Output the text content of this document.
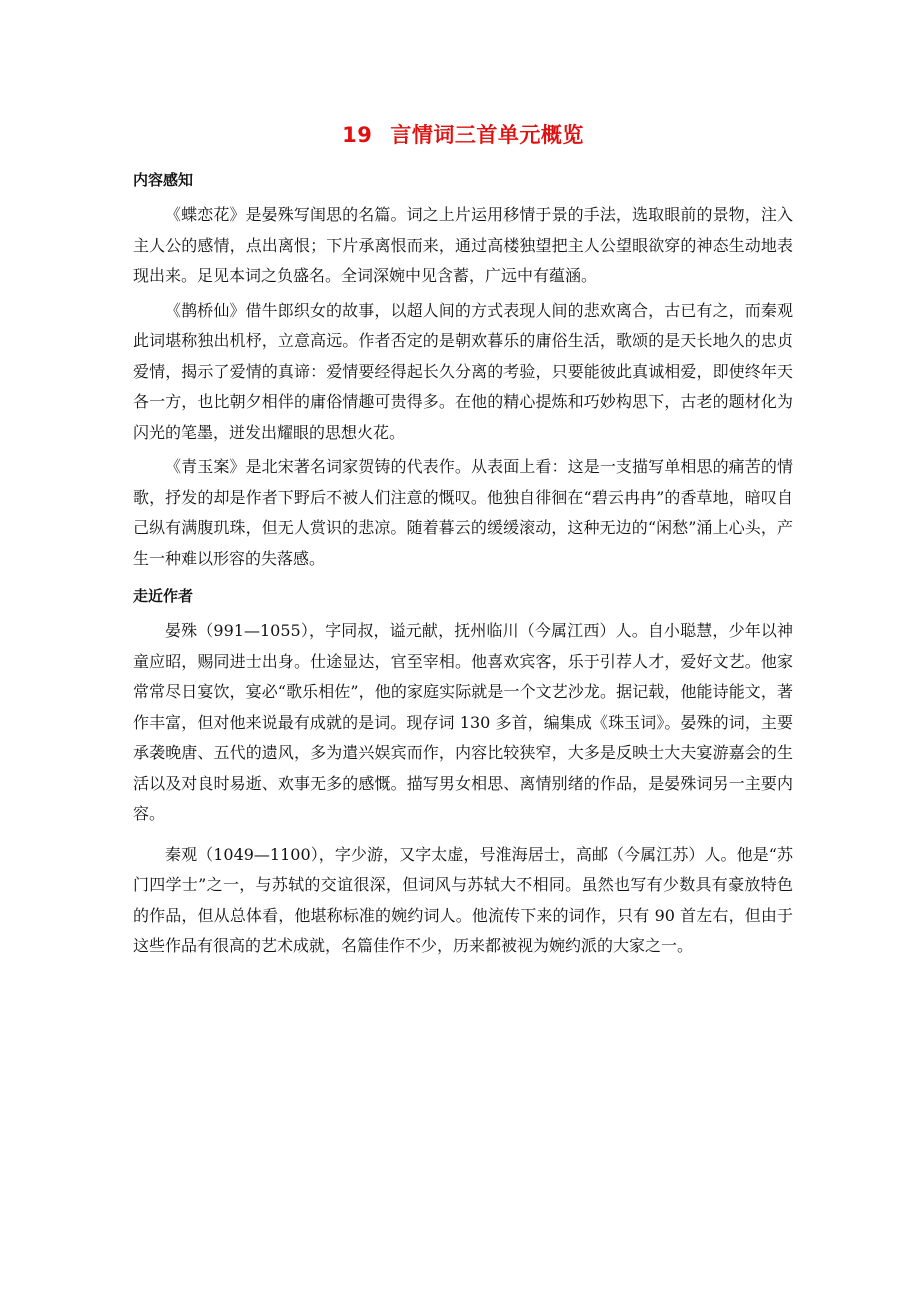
19 言情词三首单元概览
内容感知

《蝶恋花》是晏殊写闺思的名篇。词之上片运用移情于景的手法，选取眼前的景物，注入主人公的感情，点出离恨；下片承离恨而来，通过高楼独望把主人公望眼欲穿的神态生动地表现出来。足见本词之负盛名。全词深婉中见含蓄，广远中有蕴涵。

《鹊桥仙》借牛郎织女的故事，以超人间的方式表现人间的悲欢离合，古已有之，而秦观此词堪称独出机杼，立意高远。作者否定的是朝欢暮乐的庸俗生活，歌颂的是天长地久的忠贞爱情，揭示了爱情的真谛：爱情要经得起长久分离的考验，只要能彼此真诚相爱，即使终年天各一方，也比朝夕相伴的庸俗情趣可贵得多。在他的精心提炼和巧妙构思下，古老的题材化为闪光的笔墨，迸发出耀眼的思想火花。

《青玉案》是北宋著名词家贺铸的代表作。从表面上看：这是一支描写单相思的痛苦的情歌，抒发的却是作者下野后不被人们注意的慨叹。他独自徘徊在“碧云冉冉”的香草地，暗叹自己纵有满腹玑珠，但无人赏识的悲凉。随着暮云的缓缓滚动，这种无边的“闲愁”涌上心头，产生一种难以形容的失落感。

走近作者

晏殊（991—1055），字同叔，谥元献，抚州临川（今属江西）人。自小聪慧，少年以神童应昭，赐同进士出身。仕途显达，官至宰相。他喜欢宾客，乐于引荐人才，爱好文艺。他家常常尽日宴饮，宴必“歌乐相佐”，他的家庭实际就是一个文艺沙龙。据记载，他能诗能文，著作丰富，但对他来说最有成就的是词。现存词 130 多首，编集成《珠玉词》。晏殊的词，主要承袭晚唐、五代的遗风，多为遣兴娱宾而作，内容比较狭窄，大多是反映士大夫宴游嘉会的生活以及对良时易逝、欢事无多的感慨。描写男女相思、离情别绪的作品，是晏殊词另一主要内容。

秦观（1049—1100），字少游，又字太虚，号淮海居士，高邮（今属江苏）人。他是“苏门四学士”之一，与苏轼的交谊很深，但词风与苏轼大不相同。虽然也写有少数具有豪放特色的作品，但从总体看，他堪称标准的婉约词人。他流传下来的词作，只有 90 首左右，但由于这些作品有很高的艺术成就，名篇佳作不少，历来都被视为婉约派的大家之一。
